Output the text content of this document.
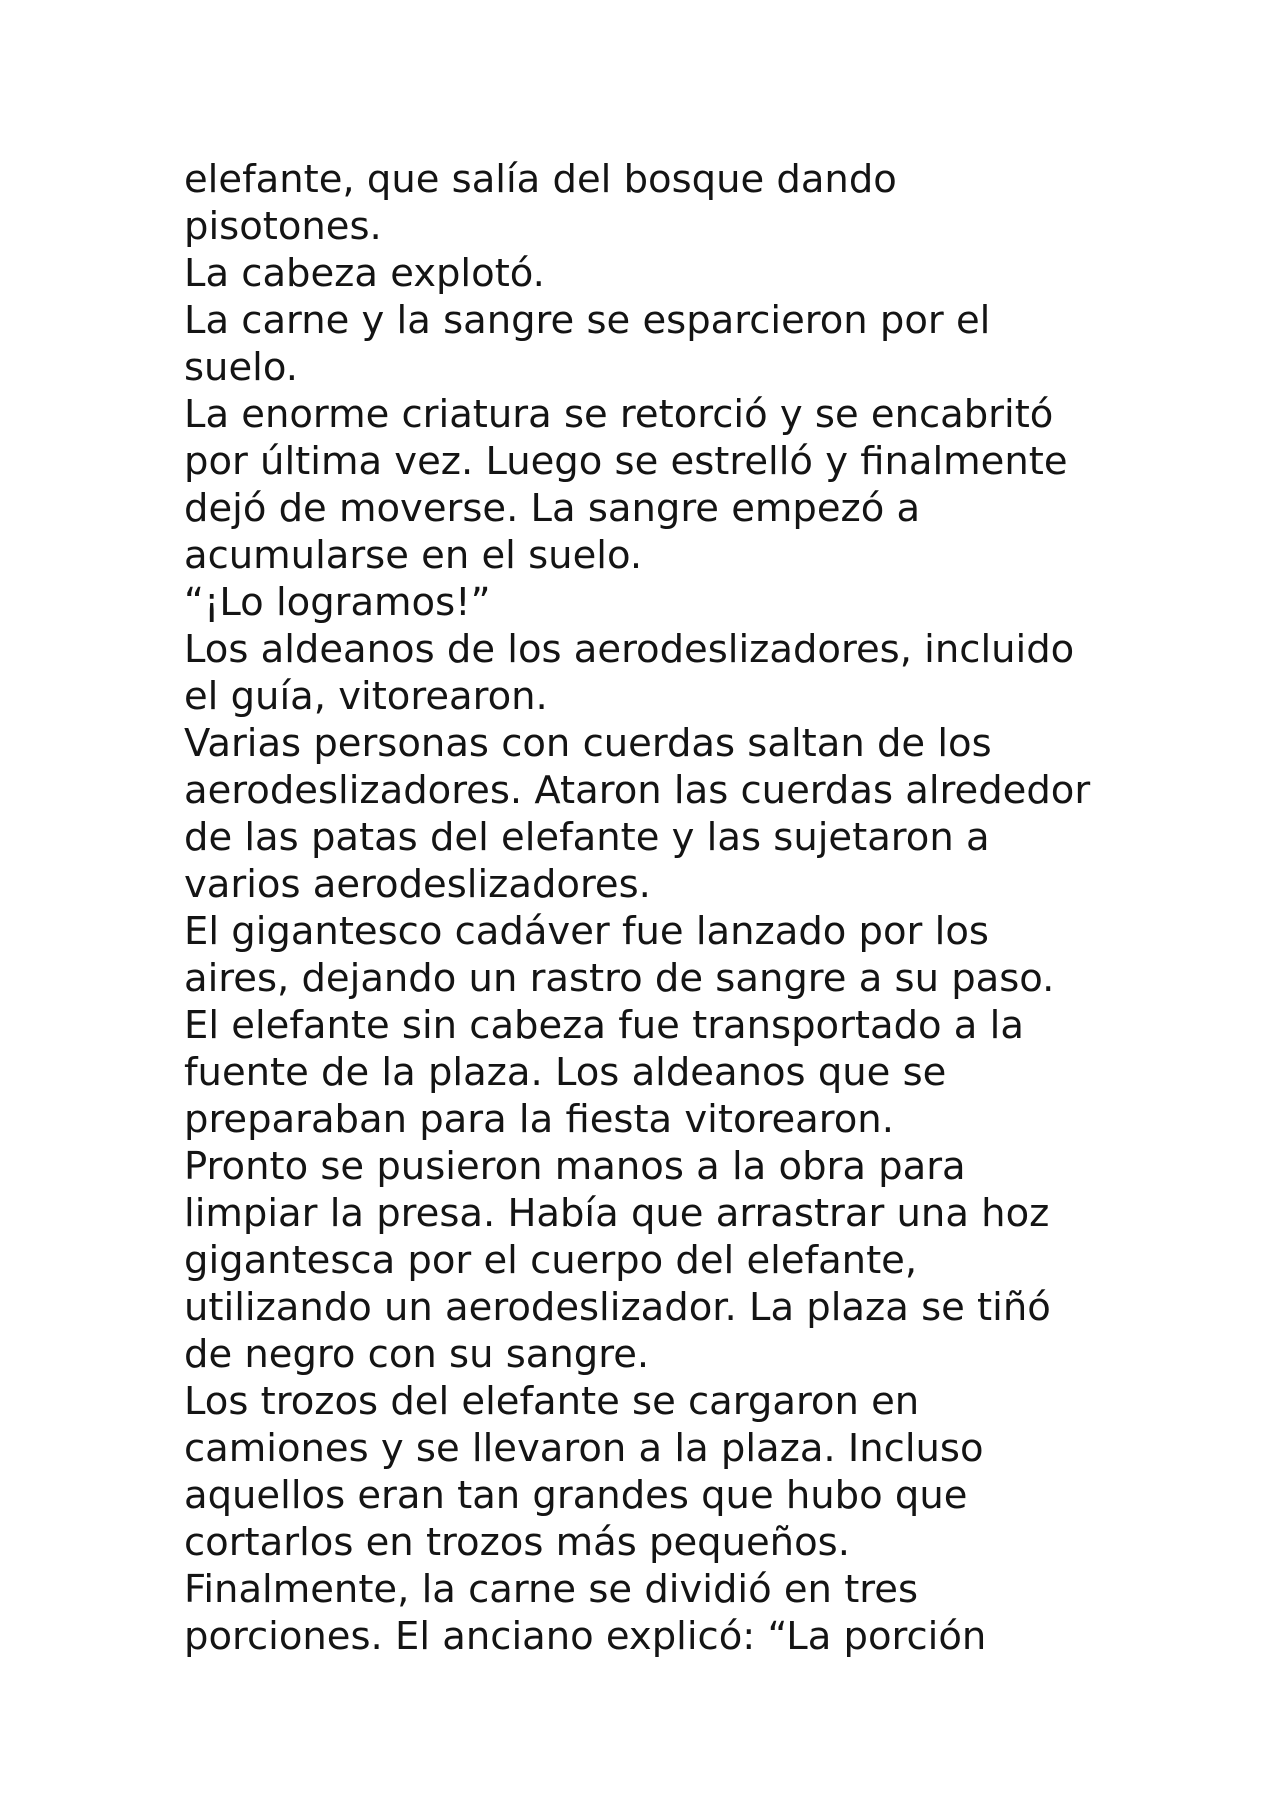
elefante, que salía del bosque dando
pisotones.
La cabeza explotó.
La carne y la sangre se esparcieron por el
suelo.
La enorme criatura se retorció y se encabritó
por última vez. Luego se estrelló y finalmente
dejó de moverse. La sangre empezó a
acumularse en el suelo.
“¡Lo logramos!”
Los aldeanos de los aerodeslizadores, incluido
el guía, vitorearon.
Varias personas con cuerdas saltan de los
aerodeslizadores. Ataron las cuerdas alrededor
de las patas del elefante y las sujetaron a
varios aerodeslizadores.
El gigantesco cadáver fue lanzado por los
aires, dejando un rastro de sangre a su paso.
El elefante sin cabeza fue transportado a la
fuente de la plaza. Los aldeanos que se
preparaban para la fiesta vitorearon.
Pronto se pusieron manos a la obra para
limpiar la presa. Había que arrastrar una hoz
gigantesca por el cuerpo del elefante,
utilizando un aerodeslizador. La plaza se tiñó
de negro con su sangre.
Los trozos del elefante se cargaron en
camiones y se llevaron a la plaza. Incluso
aquellos eran tan grandes que hubo que
cortarlos en trozos más pequeños.
Finalmente, la carne se dividió en tres
porciones. El anciano explicó: “La porción
